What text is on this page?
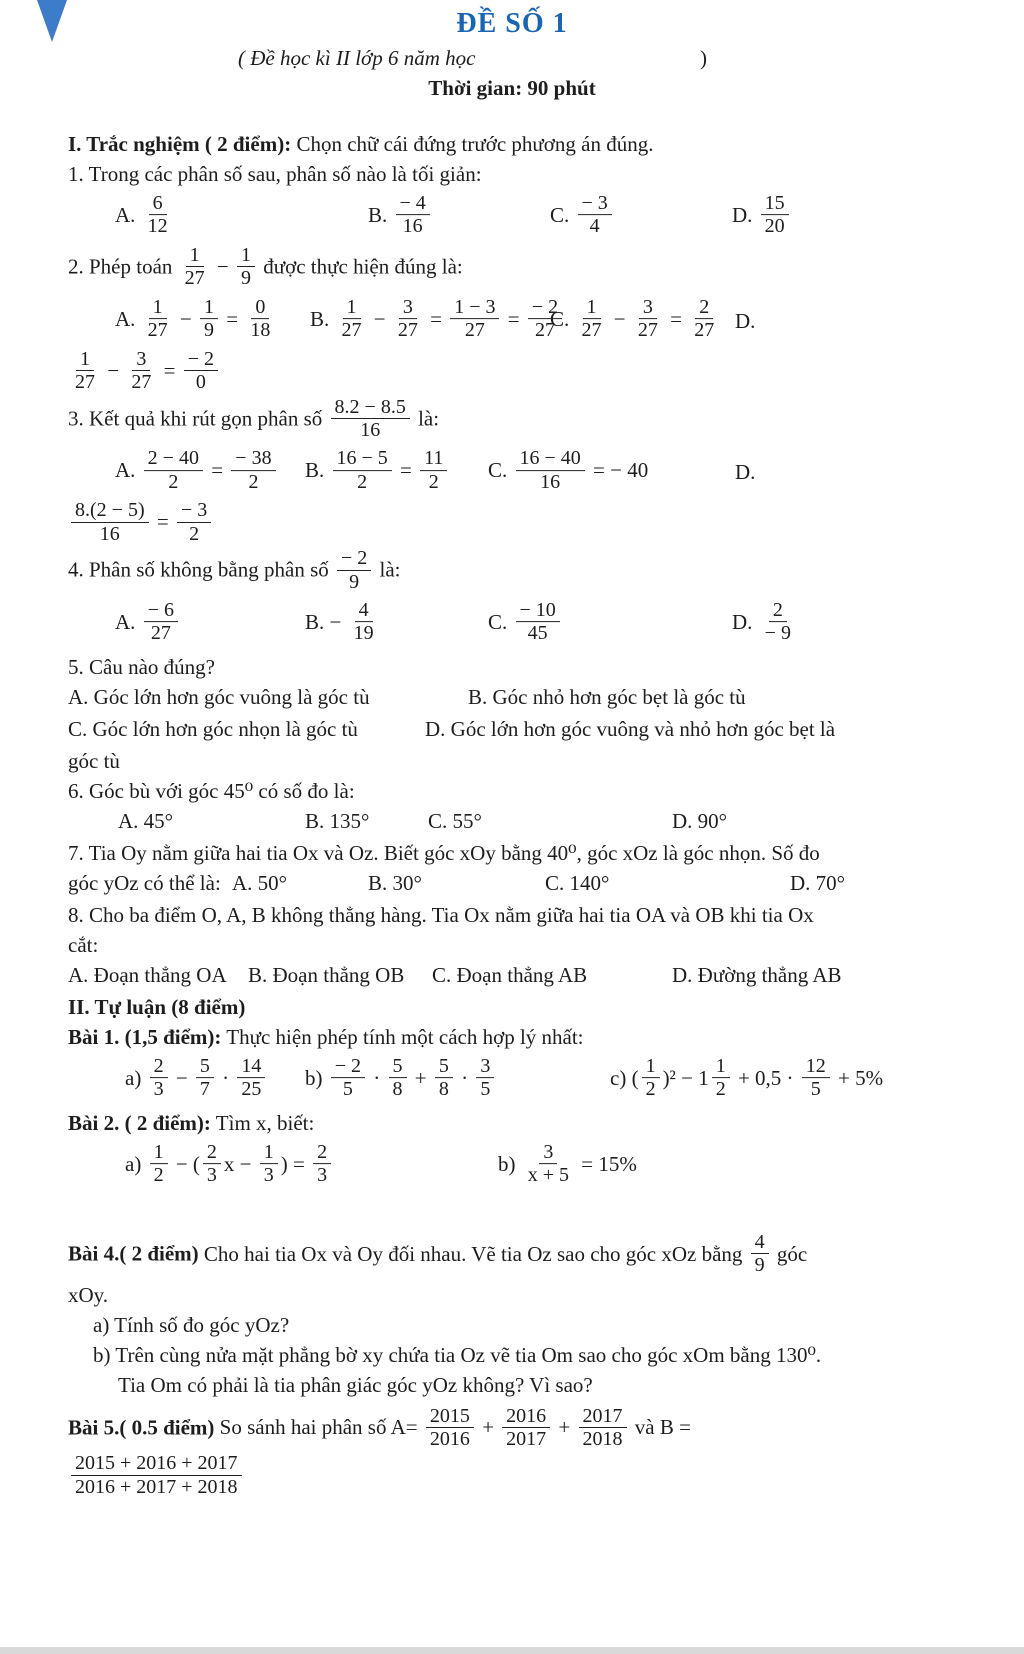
ĐỀ SỐ 1
( Đề học kì II lớp 6 năm học	)
Thời gian: 90 phút

I. Trắc nghiệm ( 2 điểm): Chọn chữ cái đứng trước phương án đúng.

1. Trong các phân số sau, phân số nào là tối giản:

A. $\frac{6}{12}$	B. $\frac{- 4}{16}$	C. $\frac{- 3}{4}$	D. $\frac{15}{20}$

2. Phép toán $\frac{1}{27} - \frac{1}{9}$ được thực hiện đúng là:

A. $\frac{1}{27} - \frac{1}{9} = \frac{0}{18} B$. $\frac{1}{27} - \frac{3}{27} = \frac{1 - 3}{27} = \frac{- 2}{27}$
C. $\frac{1}{27} - \frac{3}{27} = \frac{2}{27} D$.

$\frac{1}{27} - \frac{3}{27} = \frac{- 2}{0}$

3. Kết quả khi rút gọn phân số $\frac{8.2 - 8.5}{16}$ là:

A. $\frac{2 - 40}{2} = \frac{- 38}{2} B$. $\frac{16 - 5}{2} = \frac{11}{2} C$. $\frac{16 - 40}{16}$ = − 40	D.

$\frac{8.(2 - 5)}{16} = \frac{- 3}{2}$

4. Phân số không bằng phân số $\frac{- 2}{9}$ là:

A. $\frac{- 6}{27}$	B. − $\frac{4}{19}$	C. $\frac{- 10}{45}$	D. $\frac{2}{- 9}$

5. Câu nào đúng?

A. Góc lớn hơn góc vuông là góc tù	B. Góc nhỏ hơn góc bẹt là góc tù
C. Góc lớn hơn góc nhọn là góc tù	D. Góc lớn hơn góc vuông và nhỏ hơn góc bẹt là

góc tù

6. Góc bù với góc 45⁰ có số đo là:

A. 45°	B. 135°	C. 55°	D. 90°

7. Tia Oy nằm giữa hai tia Ox và Oz. Biết góc xOy bằng 40⁰, góc xOz là góc nhọn. Số đo

góc yOz có thể là: A. 50°	B. 30°	C. 140°	D. 70°

8. Cho ba điểm O, A, B không thẳng hàng. Tia Ox nằm giữa hai tia OA và OB khi tia Ox

cắt:

A. Đoạn thẳng OA B. Đoạn thẳng OB C. Đoạn thẳng AB	D. Đường thẳng AB

II. Tự luận (8 điểm)

Bài 1. (1,5 điểm): Thực hiện phép tính một cách hợp lý nhất:

$a) \frac{2}{3} - \frac{5}{7} \cdot \frac{14}{25} b) \frac{- 2}{5} \cdot \frac{5}{8} + \frac{5}{8} \cdot \frac{3}{5}$	c) ( $\frac{1}{2} )^2 - 1 \frac{1}{2} + 0,5 \cdot \frac{12}{5} + 5\%$

Bài 2. ( 2 điểm): Tìm x, biết:

$a) \frac{1}{2}$ − ( $\frac{2}{3}$ $x - \frac{1}{3}$ ) = $\frac{2}{3}$	$b) \frac{3}{x + 5} = 15\%$

Bài 4.( 2 điểm) Cho hai tia Ox và Oy đối nhau. Vẽ tia Oz sao cho góc xOz bằng $\frac{4}{9}$ góc

xOy.

a) Tính số đo góc yOz?

b) Trên cùng nửa mặt phẳng bờ xy chứa tia Oz vẽ tia Om sao cho góc xOm bằng 130⁰.

Tia Om có phải là tia phân giác góc yOz không? Vì sao?

Bài 5.( 0.5 điểm) So sánh hai phân số $A= \frac{2015}{2016} + \frac{2016}{2017} + \frac{2017}{2018}$ và B =

$\frac{2015 + 2016 + 2017}{2016 + 2017 + 2018}$
